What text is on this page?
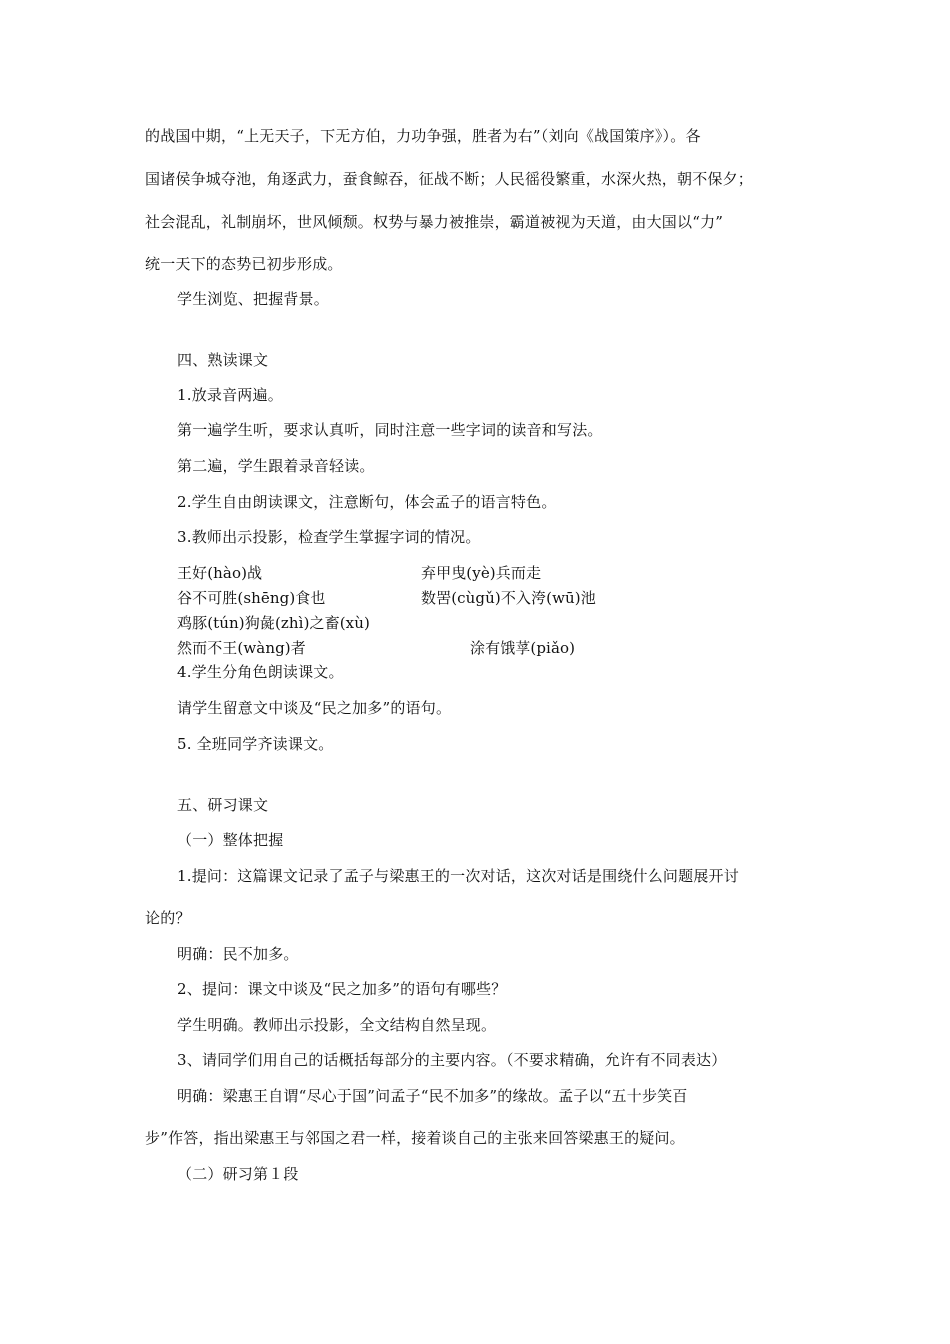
的战国中期，“上无天子，下无方伯，力功争强，胜者为右”（刘向《战国策序》）。各
国诸侯争城夺池，角逐武力，蚕食鲸吞，征战不断；人民徭役繁重，水深火热，朝不保夕；
社会混乱，礼制崩坏，世风倾颓。权势与暴力被推崇，霸道被视为天道，由大国以“力”
统一天下的态势已初步形成。
学生浏览、把握背景。
四、熟读课文
1.放录音两遍。
第一遍学生听，要求认真听，同时注意一些字词的读音和写法。
第二遍，学生跟着录音轻读。
2.学生自由朗读课文，注意断句，体会孟子的语言特色。
3.教师出示投影，检查学生掌握字词的情况。
王好(hào)战	弃甲曳(yè)兵而走
谷不可胜(shēng)食也	数罟(cùgǔ)不入洿(wū)池
鸡豚(tún)狗彘(zhì)之畜(xù)
然而不王(wàng)者	涂有饿莩(piǎo)
4.学生分角色朗读课文。
请学生留意文中谈及“民之加多”的语句。
5. 全班同学齐读课文。
五、研习课文
（一）整体把握
1.提问：这篇课文记录了孟子与梁惠王的一次对话，这次对话是围绕什么问题展开讨
论的？
明确：民不加多。
2、提问：课文中谈及“民之加多”的语句有哪些？
学生明确。教师出示投影，全文结构自然呈现。
3、请同学们用自己的话概括每部分的主要内容。（不要求精确，允许有不同表达）
明确：梁惠王自谓“尽心于国”问孟子“民不加多”的缘故。孟子以“五十步笑百
步”作答，指出梁惠王与邻国之君一样，接着谈自己的主张来回答梁惠王的疑问。
（二）研习第１段
